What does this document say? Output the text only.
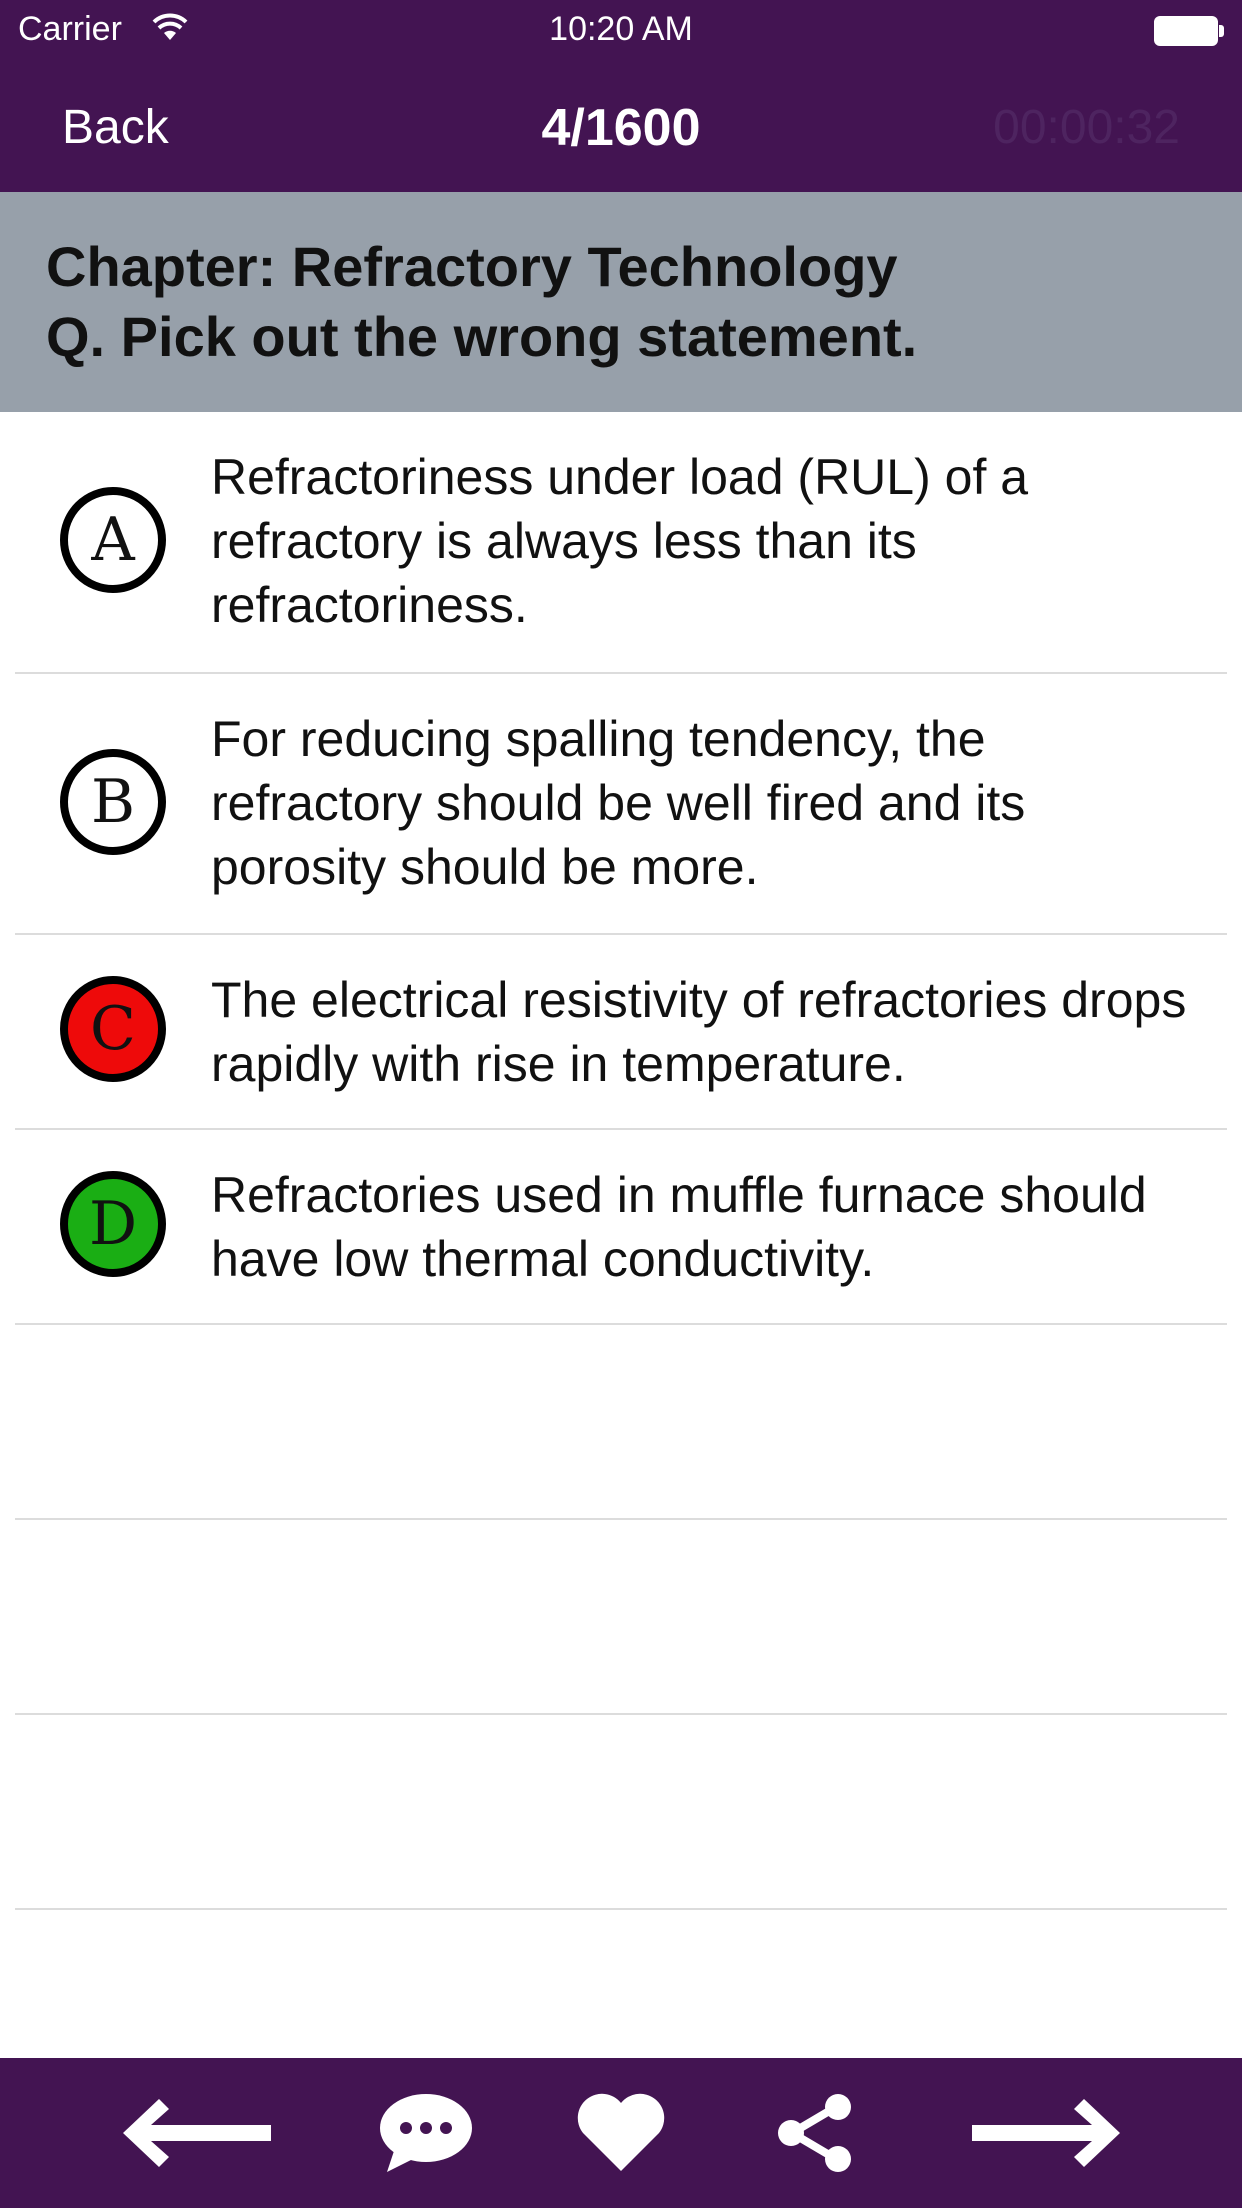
Carrier	10:20 AM
Back	4/1600	00:00:32
Chapter: Refractory Technology
Q. Pick out the wrong statement.
A
Refractoriness under load (RUL) of a refractory is always less than its refractoriness.
B
For reducing spalling tendency, the refractory should be well fired and its porosity should be more.
C	The electrical resistivity of refractories drops rapidly with rise in temperature.
D	Refractories used in muffle furnace should have low thermal conductivity.
